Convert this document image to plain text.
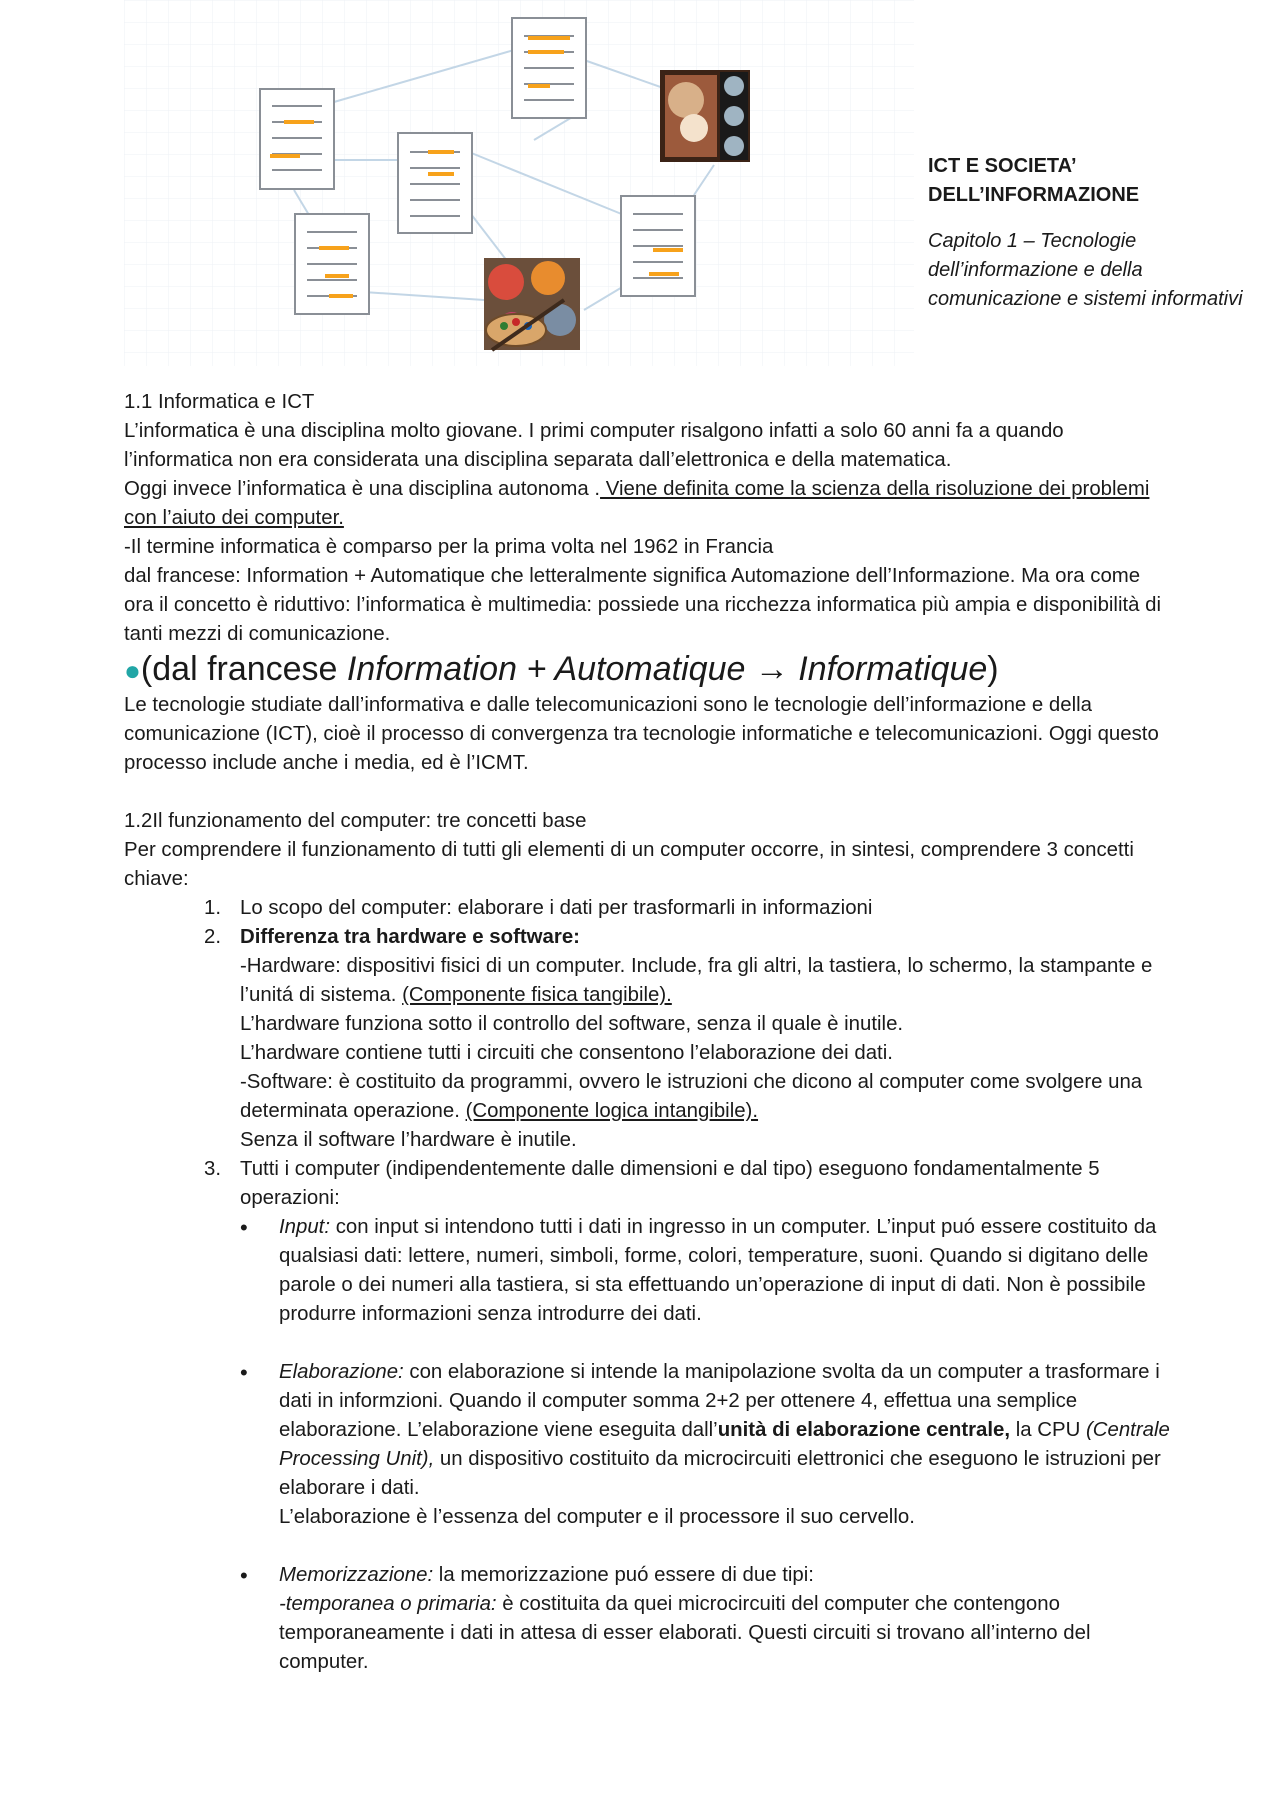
ICT E SOCIETA’ DELL’INFORMAZIONE
Capitolo 1 – Tecnologie dell’informazione e della comunicazione e sistemi informativi

1.1 Informatica e ICT

L’informatica è una disciplina molto giovane. I primi computer risalgono infatti a solo 60 anni fa a quando l’informatica non era considerata una disciplina separata dall’elettronica e della matematica.

Oggi invece l’informatica è una disciplina autonoma . Viene definita come la scienza della risoluzione dei problemi con l’aiuto dei computer.

-Il termine informatica è comparso per la prima volta nel 1962 in Francia

dal francese: Information + Automatique che letteralmente significa Automazione dell’Informazione. Ma ora come ora il concetto è riduttivo: l’informatica è multimedia: possiede una ricchezza informatica più ampia e disponibilità di tanti mezzi di comunicazione.

●(dal francese Information + Automatique → Informatique)

Le tecnologie studiate dall’informativa e dalle telecomunicazioni sono le tecnologie dell’informazione e della comunicazione (ICT), cioè il processo di convergenza tra tecnologie informatiche e telecomunicazioni. Oggi questo processo include anche i media, ed è l’ICMT.

1.2Il funzionamento del computer: tre concetti base

Per comprendere il funzionamento di tutti gli elementi di un computer occorre, in sintesi, comprendere 3 concetti chiave:

1. Lo scopo del computer: elaborare i dati per trasformarli in informazioni

2. Differenza tra hardware e software:

-Hardware: dispositivi fisici di un computer. Include, fra gli altri, la tastiera, lo schermo, la stampante e l’unitá di sistema. (Componente fisica tangibile).

L’hardware funziona sotto il controllo del software, senza il quale è inutile.

L’hardware contiene tutti i circuiti che consentono l’elaborazione dei dati.

-Software: è costituito da programmi, ovvero le istruzioni che dicono al computer come svolgere una determinata operazione. (Componente logica intangibile).

Senza il software l’hardware è inutile.

3. Tutti i computer (indipendentemente dalle dimensioni e dal tipo) eseguono fondamentalmente 5 operazioni:

• Input: con input si intendono tutti i dati in ingresso in un computer. L’input puó essere costituito da qualsiasi dati: lettere, numeri, simboli, forme, colori, temperature, suoni. Quando si digitano delle parole o dei numeri alla tastiera, si sta effettuando un’operazione di input di dati. Non è possibile produrre informazioni senza introdurre dei dati.

• Elaborazione: con elaborazione si intende la manipolazione svolta da un computer a trasformare i dati in informzioni. Quando il computer somma 2+2 per ottenere 4, effettua una semplice elaborazione. L’elaborazione viene eseguita dall’unità di elaborazione centrale, la CPU (Centrale Processing Unit), un dispositivo costituito da microcircuiti elettronici che eseguono le istruzioni per elaborare i dati.

L’elaborazione è l’essenza del computer e il processore il suo cervello.

• Memorizzazione: la memorizzazione puó essere di due tipi:

-temporanea o primaria: è costituita da quei microcircuiti del computer che contengono temporaneamente i dati in attesa di esser elaborati. Questi circuiti si trovano all’interno del computer.
